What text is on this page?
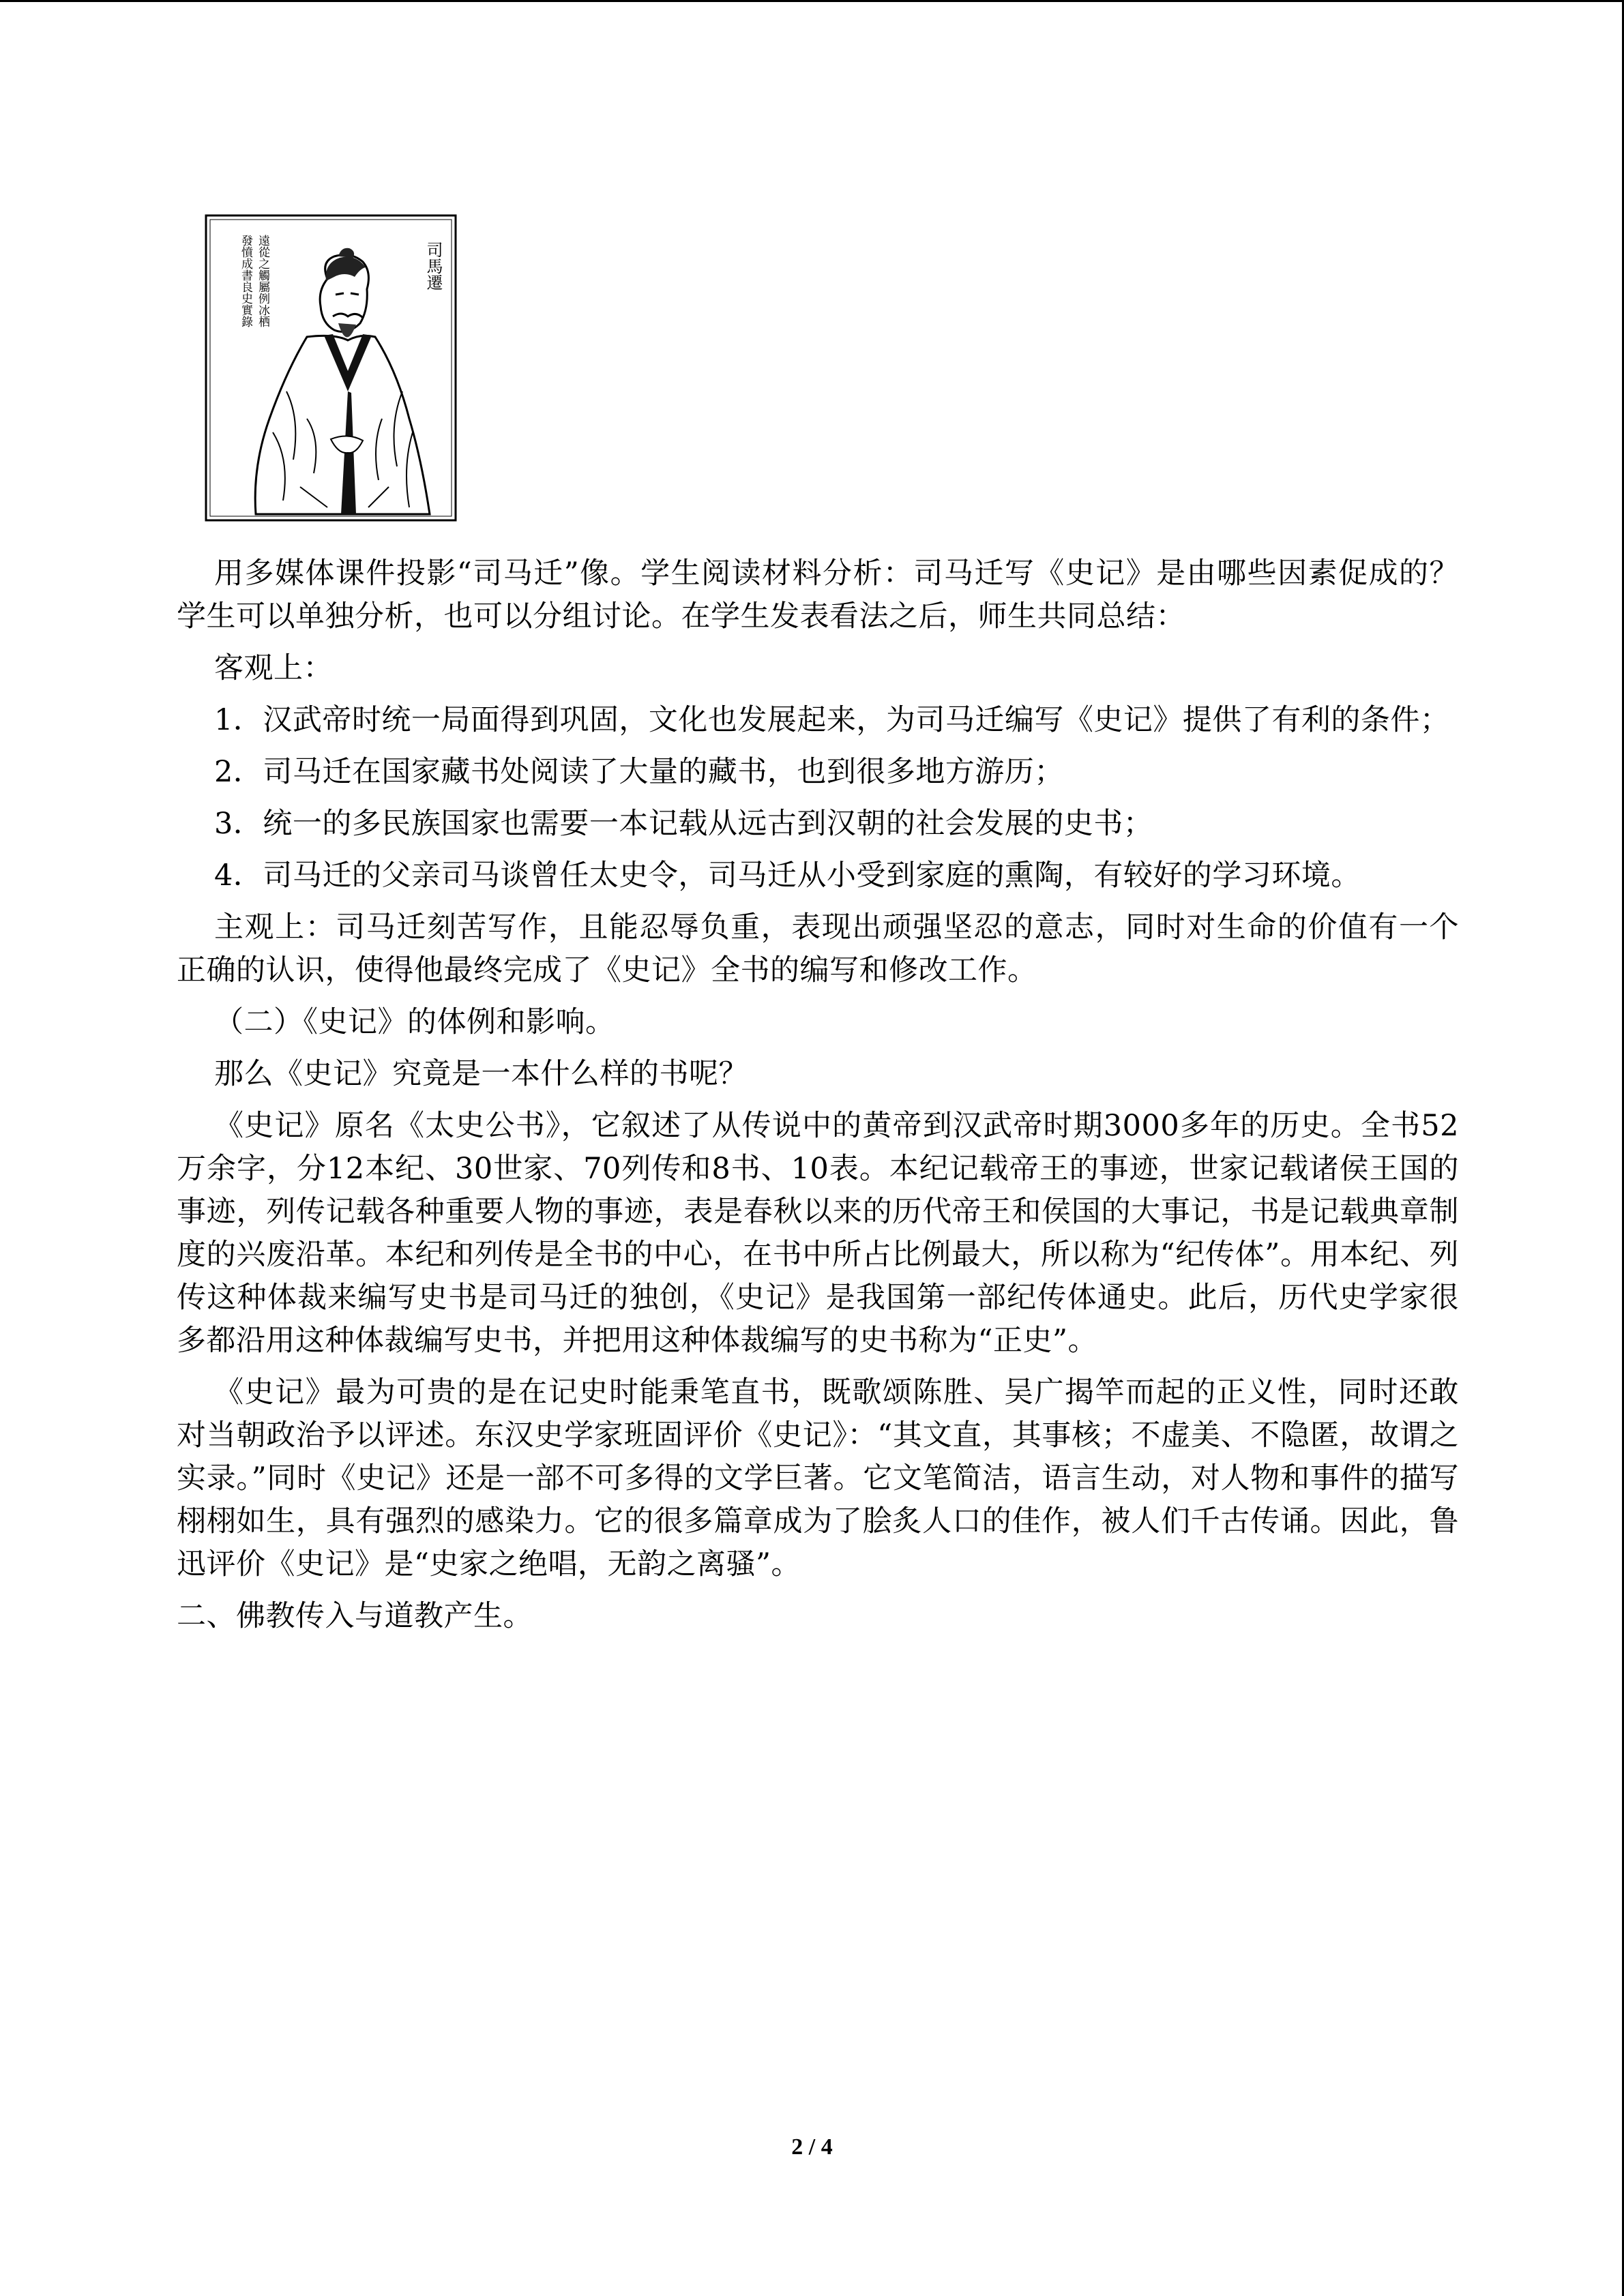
司馬遷
遠從之觸屬例冰栖
發憤成書良史實錄

用多媒体课件投影“司马迁”像。学生阅读材料分析：司马迁写《史记》是由哪些因素促成的？学生可以单独分析，也可以分组讨论。在学生发表看法之后，师生共同总结：

客观上：

1．汉武帝时统一局面得到巩固，文化也发展起来，为司马迁编写《史记》提供了有利的条件；

2．司马迁在国家藏书处阅读了大量的藏书，也到很多地方游历；

3．统一的多民族国家也需要一本记载从远古到汉朝的社会发展的史书；

4．司马迁的父亲司马谈曾任太史令，司马迁从小受到家庭的熏陶，有较好的学习环境。

主观上：司马迁刻苦写作，且能忍辱负重，表现出顽强坚忍的意志，同时对生命的价值有一个正确的认识，使得他最终完成了《史记》全书的编写和修改工作。

（二）《史记》的体例和影响。

那么《史记》究竟是一本什么样的书呢？

《史记》原名《太史公书》，它叙述了从传说中的黄帝到汉武帝时期3000多年的历史。全书52万余字，分12本纪、30世家、70列传和8书、10表。本纪记载帝王的事迹，世家记载诸侯王国的事迹，列传记载各种重要人物的事迹，表是春秋以来的历代帝王和侯国的大事记，书是记载典章制度的兴废沿革。本纪和列传是全书的中心，在书中所占比例最大，所以称为“纪传体”。用本纪、列传这种体裁来编写史书是司马迁的独创，《史记》是我国第一部纪传体通史。此后，历代史学家很多都沿用这种体裁编写史书，并把用这种体裁编写的史书称为“正史”。

《史记》最为可贵的是在记史时能秉笔直书，既歌颂陈胜、吴广揭竿而起的正义性，同时还敢对当朝政治予以评述。东汉史学家班固评价《史记》：“其文直，其事核；不虚美、不隐匿，故谓之实录。”同时《史记》还是一部不可多得的文学巨著。它文笔简洁，语言生动，对人物和事件的描写栩栩如生，具有强烈的感染力。它的很多篇章成为了脍炙人口的佳作，被人们千古传诵。因此，鲁迅评价《史记》是“史家之绝唱，无韵之离骚”。

二、佛教传入与道教产生。

2 / 4
